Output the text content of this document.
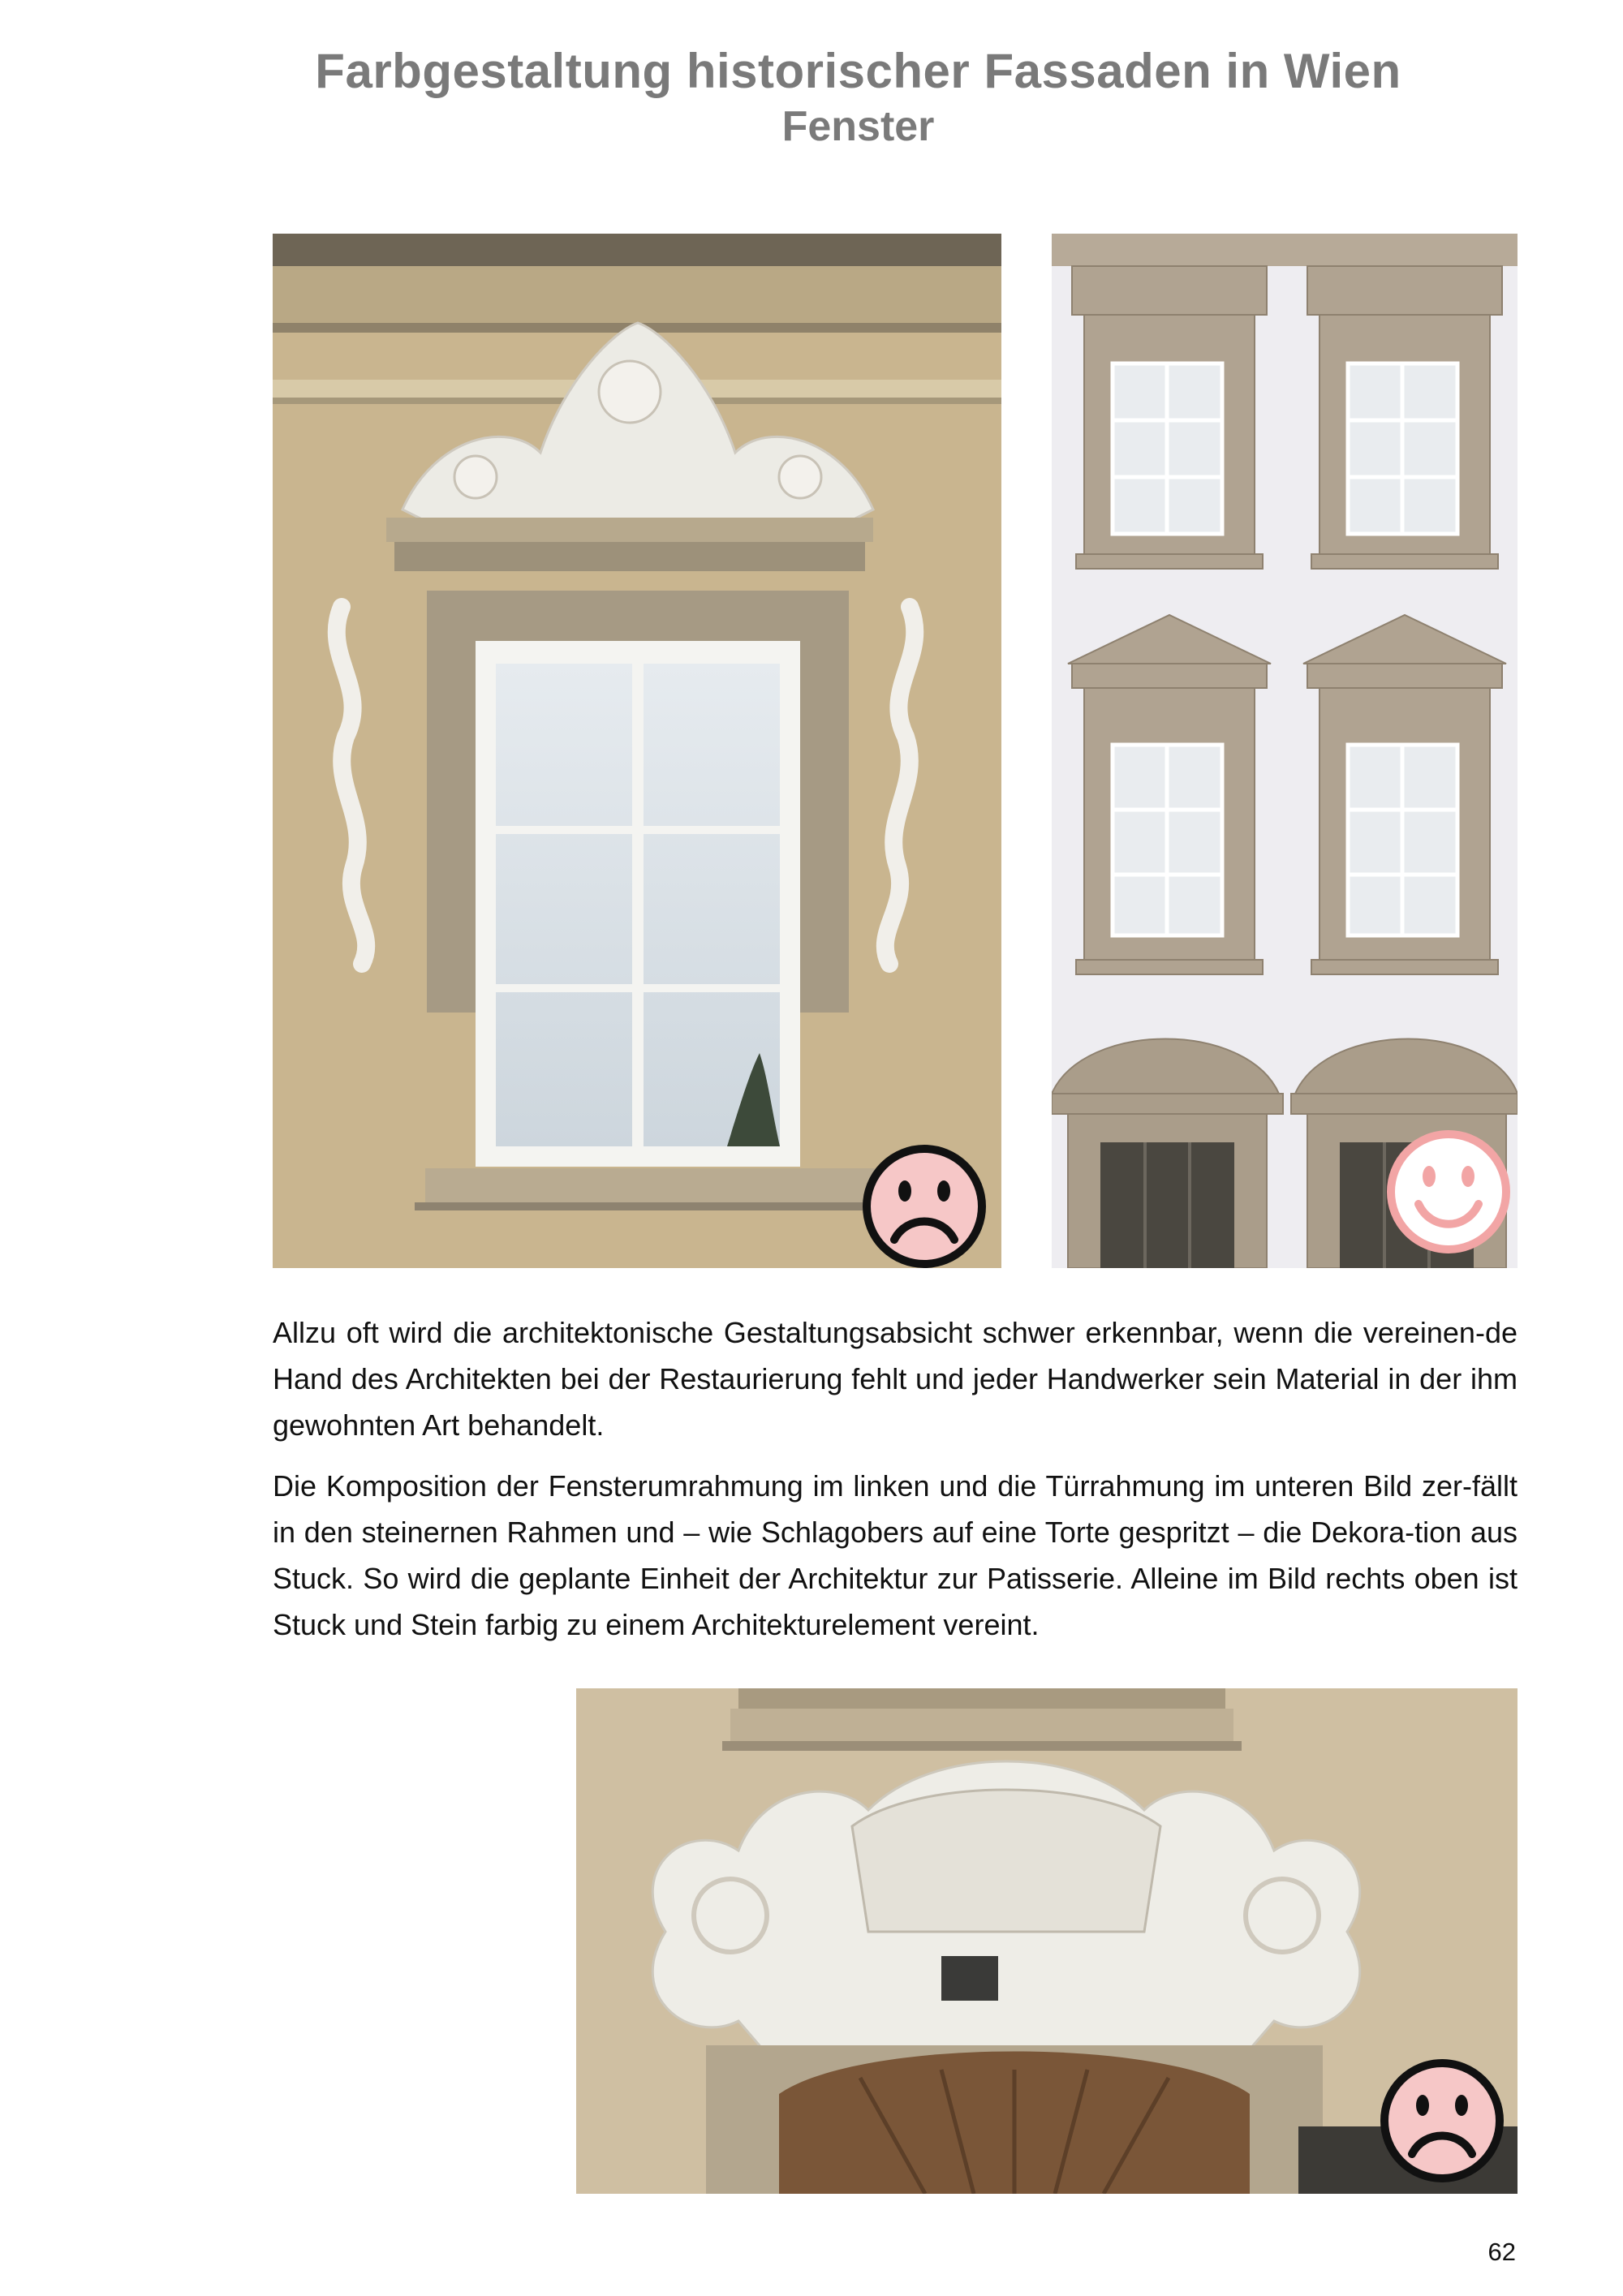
Farbgestaltung historischer Fassaden in Wien
Fenster

Allzu oft wird die architektonische Gestaltungsabsicht schwer erkennbar, wenn die vereinen-de Hand des Architekten bei der Restaurierung fehlt und jeder Handwerker sein Material in der ihm gewohnten Art behandelt.

Die Komposition der Fensterumrahmung im linken und die Türrahmung im unteren Bild zer-fällt in den steinernen Rahmen und – wie Schlagobers auf eine Torte gespritzt – die Dekora-tion aus Stuck. So wird die geplante Einheit der Architektur zur Patisserie. Alleine im Bild rechts oben ist Stuck und Stein farbig zu einem Architekturelement vereint.

62
